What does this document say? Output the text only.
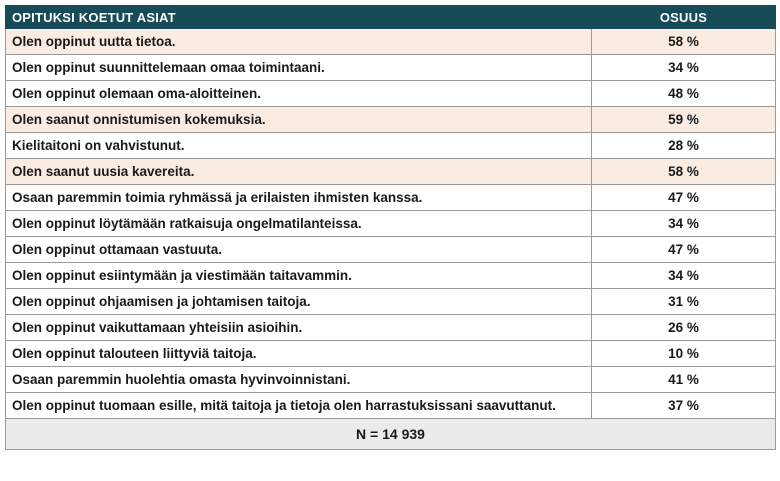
OPITUKSI KOETUT ASIAT	OSUUS
Olen oppinut uutta tietoa.	58 %
Olen oppinut suunnittelemaan omaa toimintaani.	34 %
Olen oppinut olemaan oma-aloitteinen.	48 %
Olen saanut onnistumisen kokemuksia.	59 %
Kielitaitoni on vahvistunut.	28 %
Olen saanut uusia kavereita.	58 %
Osaan paremmin toimia ryhmässä ja erilaisten ihmisten kanssa.	47 %
Olen oppinut löytämään ratkaisuja ongelmatilanteissa.	34 %
Olen oppinut ottamaan vastuuta.	47 %
Olen oppinut esiintymään ja viestimään taitavammin.	34 %
Olen oppinut ohjaamisen ja johtamisen taitoja.	31 %
Olen oppinut vaikuttamaan yhteisiin asioihin.	26 %
Olen oppinut talouteen liittyviä taitoja.	10 %
Osaan paremmin huolehtia omasta hyvinvoinnistani.	41 %
Olen oppinut tuomaan esille, mitä taitoja ja tietoja olen harrastuksissani saavuttanut.	37 %
N = 14 939	
